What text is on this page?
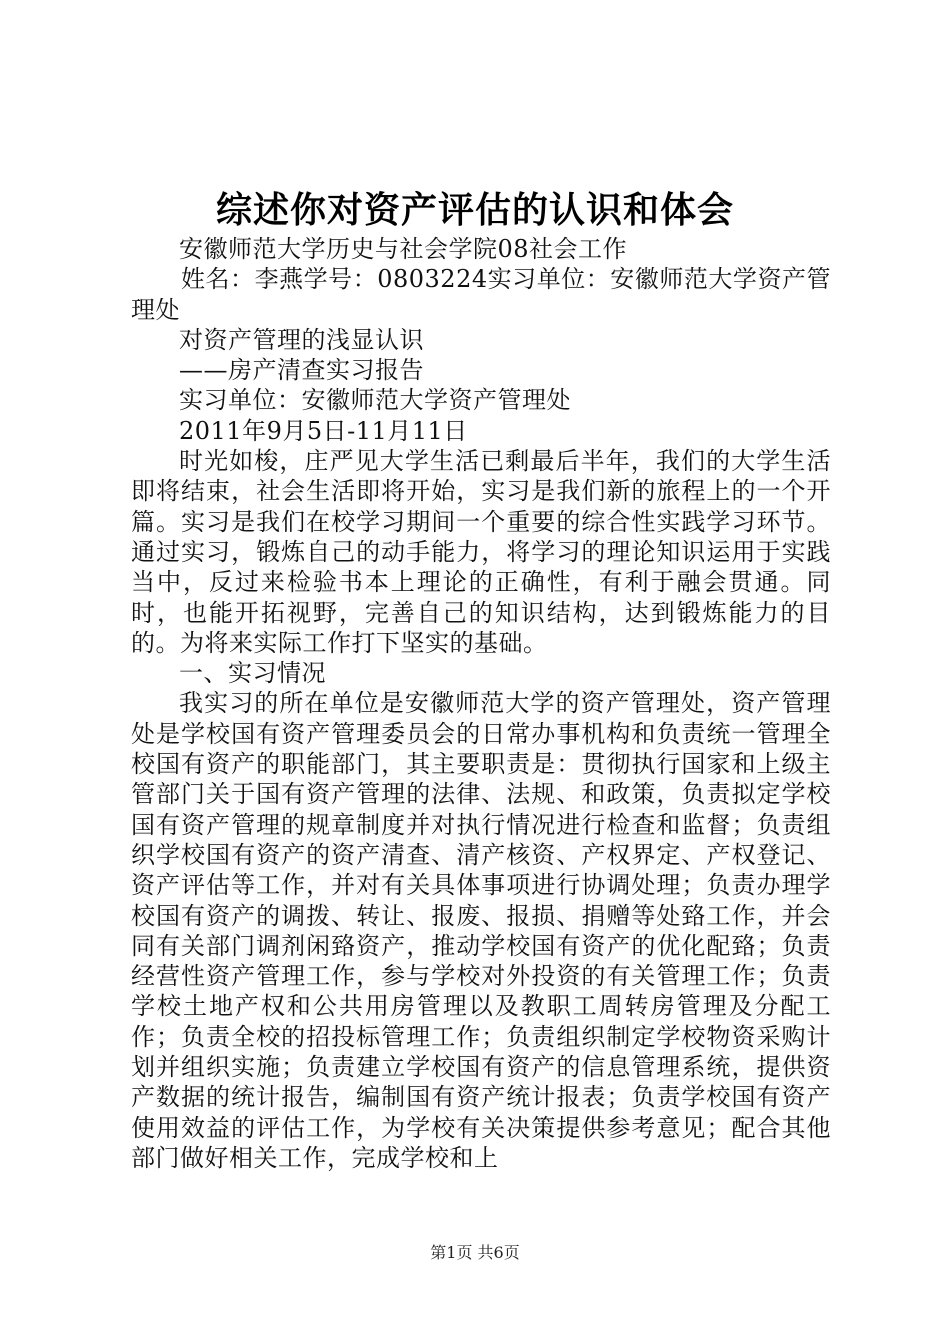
综述你对资产评估的认识和体会

安徽师范大学历史与社会学院08社会工作

姓名：李燕学号：0803224实习单位：安徽师范大学资产管理处

对资产管理的浅显认识

——房产清查实习报告

实习单位：安徽师范大学资产管理处

2011年9月5日-11月11日

时光如梭，庄严见大学生活已剩最后半年，我们的大学生活即将结束，社会生活即将开始，实习是我们新的旅程上的一个开篇。实习是我们在校学习期间一个重要的综合性实践学习环节。通过实习，锻炼自己的动手能力，将学习的理论知识运用于实践当中，反过来检验书本上理论的正确性，有利于融会贯通。同时，也能开拓视野，完善自己的知识结构，达到锻炼能力的目的。为将来实际工作打下坚实的基础。

一、实习情况

我实习的所在单位是安徽师范大学的资产管理处，资产管理处是学校国有资产管理委员会的日常办事机构和负责统一管理全校国有资产的职能部门，其主要职责是：贯彻执行国家和上级主管部门关于国有资产管理的法律、法规、和政策，负责拟定学校国有资产管理的规章制度并对执行情况进行检查和监督；负责组织学校国有资产的资产清查、清产核资、产权界定、产权登记、资产评估等工作，并对有关具体事项进行协调处理；负责办理学校国有资产的调拨、转让、报废、报损、捐赠等处臵工作，并会同有关部门调剂闲臵资产，推动学校国有资产的优化配臵；负责经营性资产管理工作，参与学校对外投资的有关管理工作；负责学校土地产权和公共用房管理以及教职工周转房管理及分配工作；负责全校的招投标管理工作；负责组织制定学校物资采购计划并组织实施；负责建立学校国有资产的信息管理系统，提供资产数据的统计报告，编制国有资产统计报表；负责学校国有资产使用效益的评估工作，为学校有关决策提供参考意见；配合其他部门做好相关工作，完成学校和上

第1页 共6页
